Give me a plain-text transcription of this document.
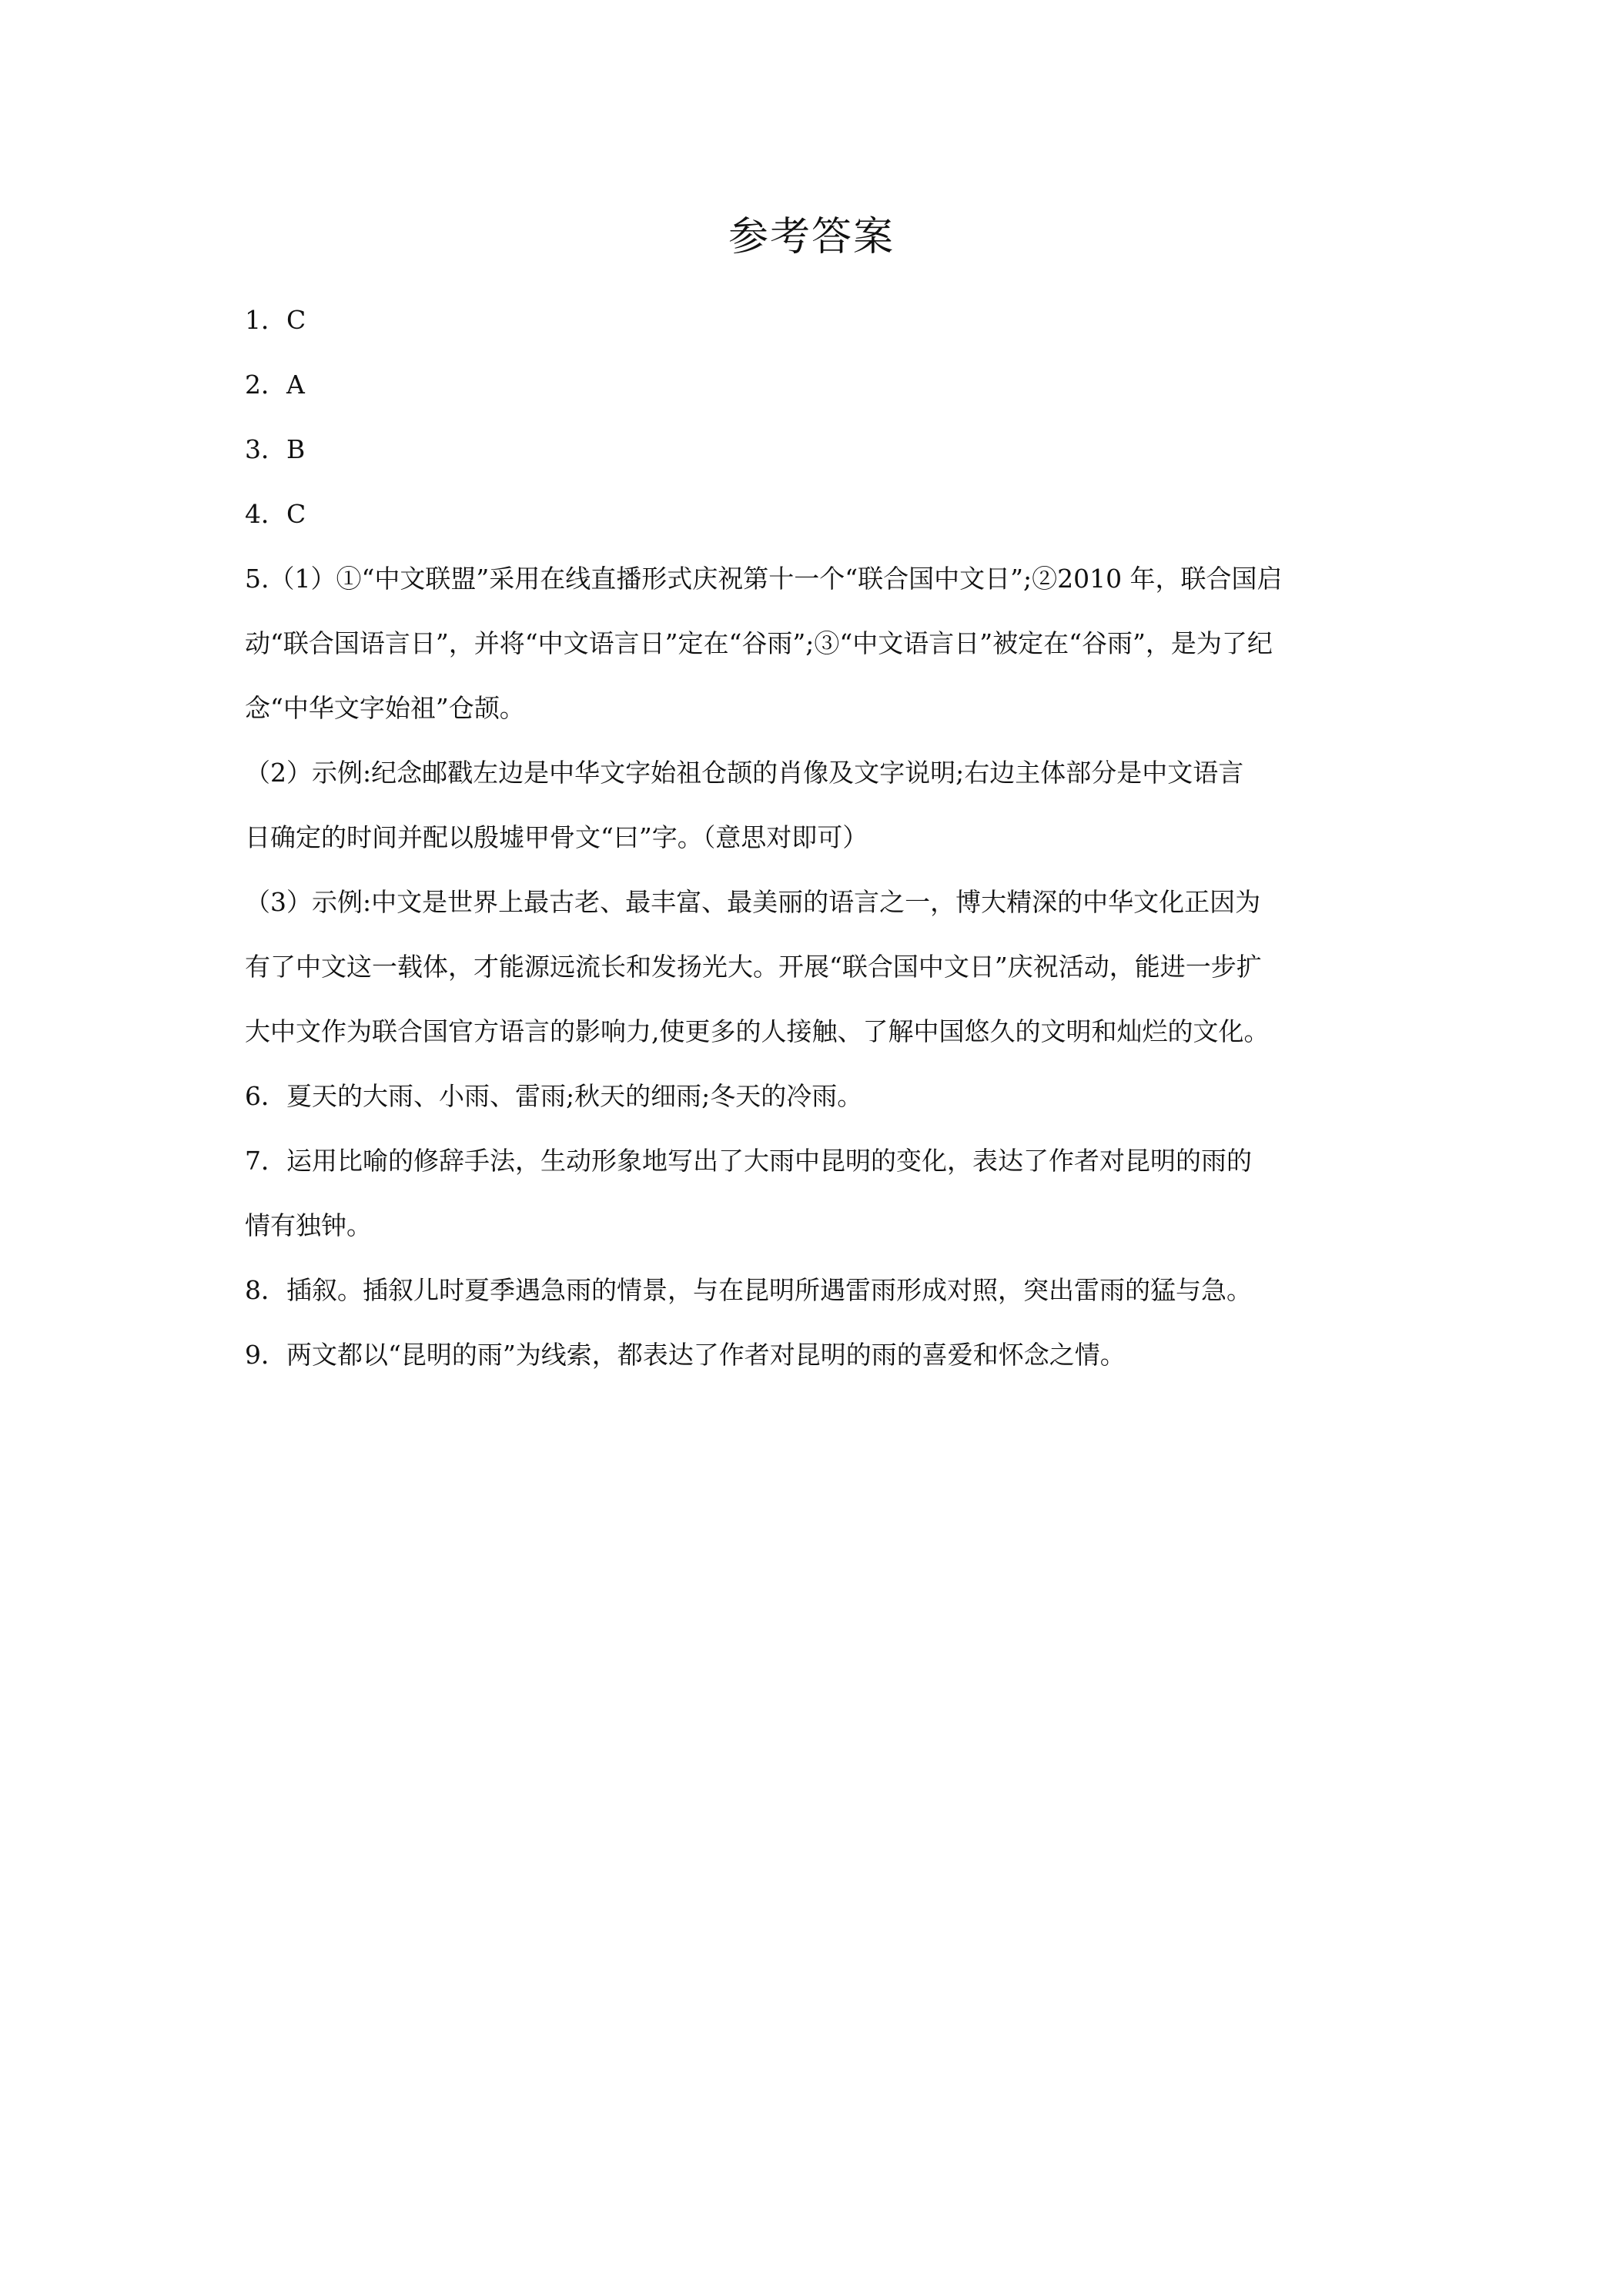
参考答案

1．C

2．A

3．B

4．C

5.（1）①“中文联盟”采用在线直播形式庆祝第十一个“联合国中文日”;②2010 年，联合国启

动“联合国语言日”，并将“中文语言日”定在“谷雨”;③“中文语言日”被定在“谷雨”，是为了纪

念“中华文字始祖”仓颉。

（2）示例:纪念邮戳左边是中华文字始祖仓颉的肖像及文字说明;右边主体部分是中文语言

日确定的时间并配以殷墟甲骨文“曰”字。（意思对即可）

（3）示例:中文是世界上最古老、最丰富、最美丽的语言之一，博大精深的中华文化正因为

有了中文这一载体，才能源远流长和发扬光大。开展“联合国中文日”庆祝活动，能进一步扩

大中文作为联合国官方语言的影响力,使更多的人接触、了解中国悠久的文明和灿烂的文化。

6．夏天的大雨、小雨、雷雨;秋天的细雨;冬天的冷雨。

7．运用比喻的修辞手法，生动形象地写出了大雨中昆明的变化，表达了作者对昆明的雨的

情有独钟。

8．插叙。插叙儿时夏季遇急雨的情景，与在昆明所遇雷雨形成对照，突出雷雨的猛与急。

9．两文都以“昆明的雨”为线索，都表达了作者对昆明的雨的喜爱和怀念之情。
